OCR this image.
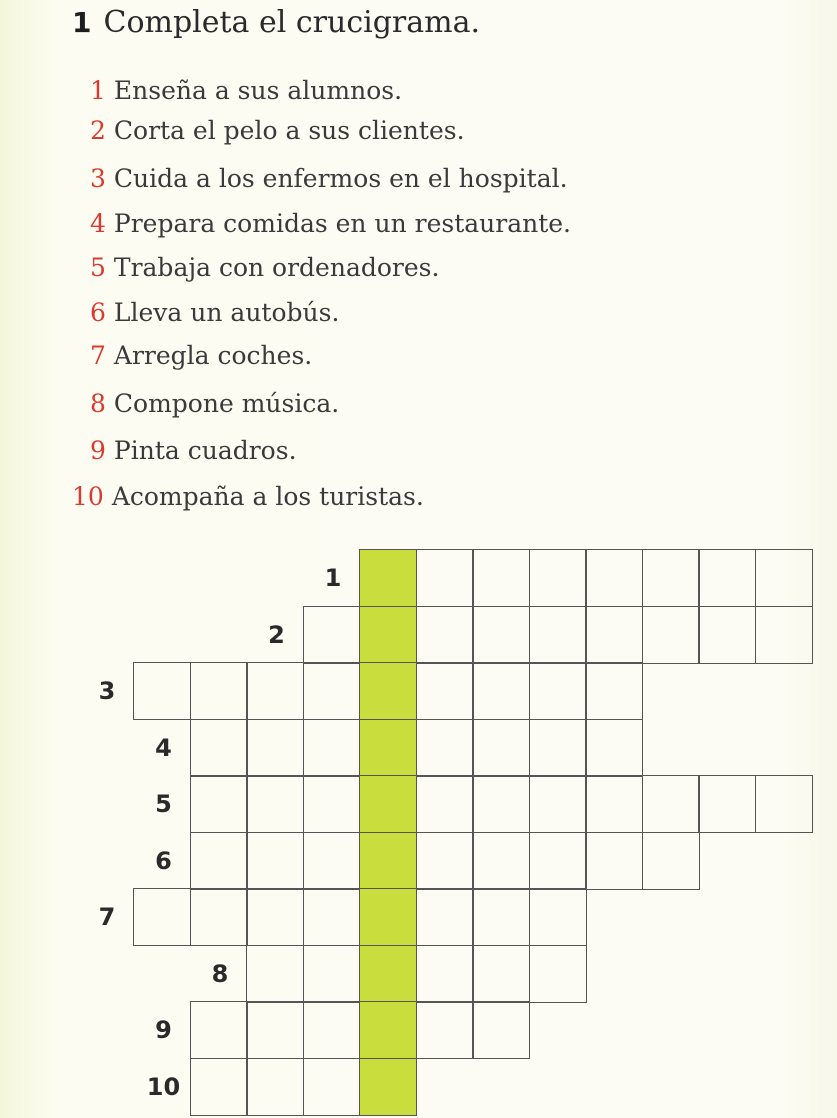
1 Completa el crucigrama.
1 Enseña a sus alumnos.
2 Corta el pelo a sus clientes.
3 Cuida a los enfermos en el hospital.
4 Prepara comidas en un restaurante.
5 Trabaja con ordenadores.
6 Lleva un autobús.
7 Arregla coches.
8 Compone música.
9 Pinta cuadros.
10 Acompaña a los turistas.
1
2
3
4
5
6
7
8
9
10
